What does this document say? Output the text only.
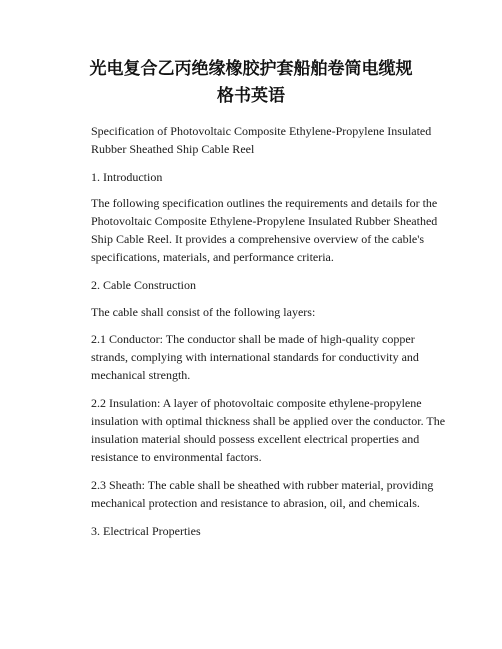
光电复合乙丙绝缘橡胶护套船舶卷筒电缆规
格书英语

Specification of Photovoltaic Composite Ethylene-Propylene Insulated Rubber Sheathed Ship Cable Reel

1. Introduction

The following specification outlines the requirements and details for the Photovoltaic Composite Ethylene-Propylene Insulated Rubber Sheathed Ship Cable Reel. It provides a comprehensive overview of the cable's specifications, materials, and performance criteria.

2. Cable Construction

The cable shall consist of the following layers:

2.1 Conductor: The conductor shall be made of high-quality copper strands, complying with international standards for conductivity and mechanical strength.

2.2 Insulation: A layer of photovoltaic composite ethylene-propylene insulation with optimal thickness shall be applied over the conductor. The insulation material should possess excellent electrical properties and resistance to environmental factors.

2.3 Sheath: The cable shall be sheathed with rubber material, providing mechanical protection and resistance to abrasion, oil, and chemicals.

3. Electrical Properties
